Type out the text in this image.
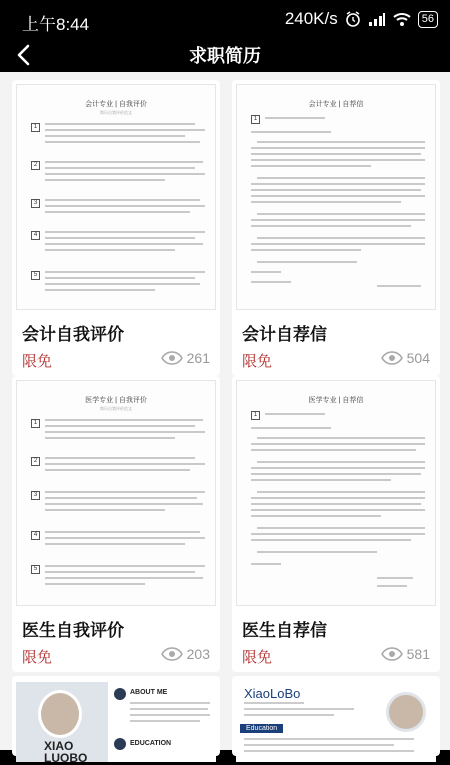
上午8:44	240K/s	56
求职简历
会计专业 | 自我评价
简历自我评价范文
1
2
3
4
5
会计自我评价
限免	261
会计专业 | 自荐信
1
会计自荐信
限免	504
医学专业 | 自我评价
简历自我评价范文
1
2
3
4
5
医生自我评价
限免	203
医学专业 | 自荐信
1
医生自荐信
限免	581
XIAO
LUOBO
ABOUT ME
EDUCATION
XiaoLoBo
Education
